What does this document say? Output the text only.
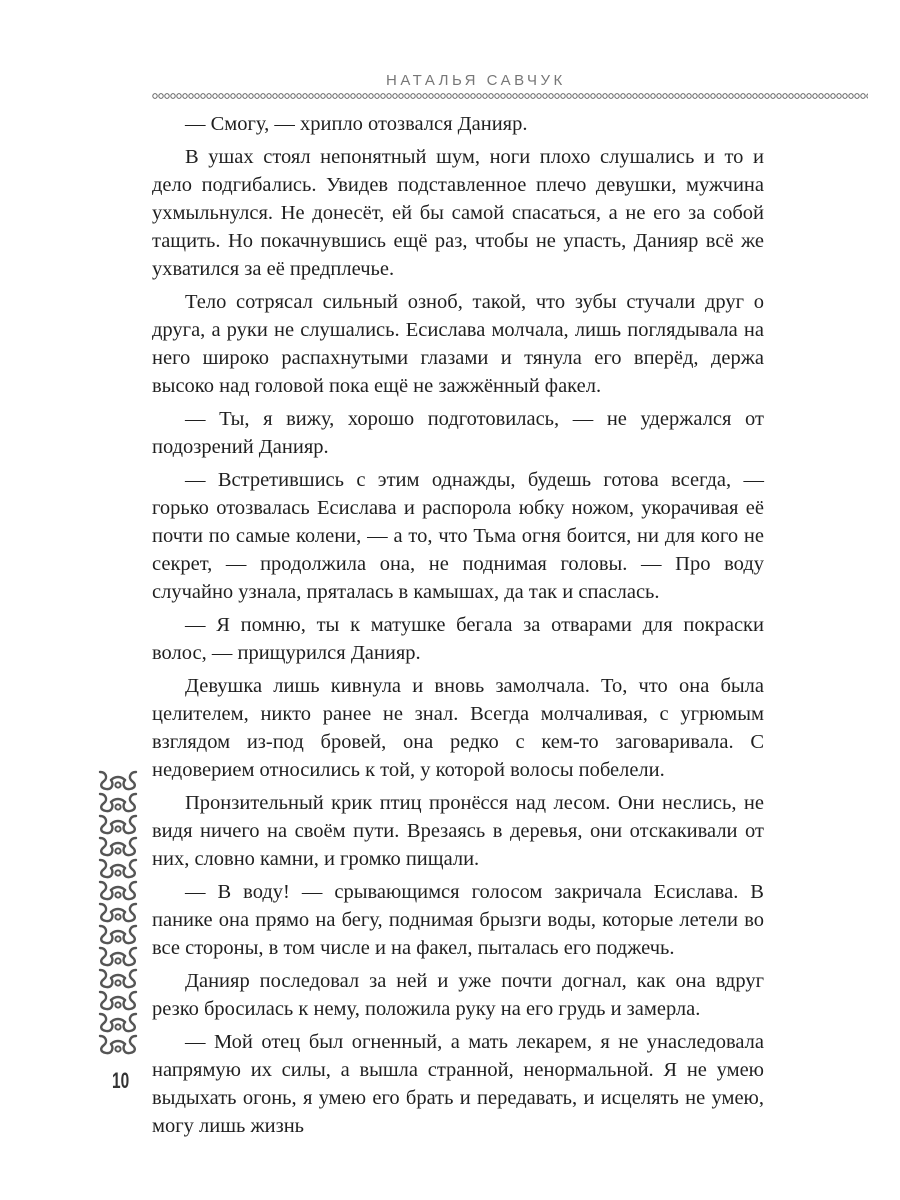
НАТАЛЬЯ САВЧУК

— Смогу, — хрипло отозвался Данияр.

В ушах стоял непонятный шум, ноги плохо слушались и то и дело подгибались. Увидев подставленное плечо девушки, мужчина ухмыльнулся. Не донесёт, ей бы самой спасаться, а не его за собой тащить. Но покачнувшись ещё раз, чтобы не упасть, Данияр всё же ухватился за её предплечье.

Тело сотрясал сильный озноб, такой, что зубы стучали друг о друга, а руки не слушались. Есислава молчала, лишь поглядывала на него широко распахнутыми глазами и тянула его вперёд, держа высоко над головой пока ещё не зажжённый факел.

— Ты, я вижу, хорошо подготовилась, — не удержался от подозрений Данияр.

— Встретившись с этим однажды, будешь готова всегда, — горько отозвалась Есислава и распорола юбку ножом, укорачивая её почти по самые колени, — а то, что Тьма огня боится, ни для кого не секрет, — продолжила она, не поднимая головы. — Про воду случайно узнала, пряталась в камышах, да так и спаслась.

— Я помню, ты к матушке бегала за отварами для покраски волос, — прищурился Данияр.

Девушка лишь кивнула и вновь замолчала. То, что она была целителем, никто ранее не знал. Всегда молчаливая, с угрюмым взглядом из-под бровей, она редко с кем-то заговаривала. С недоверием относились к той, у которой волосы побелели.

Пронзительный крик птиц пронёсся над лесом. Они неслись, не видя ничего на своём пути. Врезаясь в деревья, они отскакивали от них, словно камни, и громко пищали.

— В воду! — срывающимся голосом закричала Есислава. В панике она прямо на бегу, поднимая брызги воды, которые летели во все стороны, в том числе и на факел, пыталась его поджечь.

Данияр последовал за ней и уже почти догнал, как она вдруг резко бросилась к нему, положила руку на его грудь и замерла.

— Мой отец был огненный, а мать лекарем, я не унаследовала напрямую их силы, а вышла странной, ненормальной. Я не умею выдыхать огонь, я умею его брать и передавать, и исцелять не умею, могу лишь жизнь

10
